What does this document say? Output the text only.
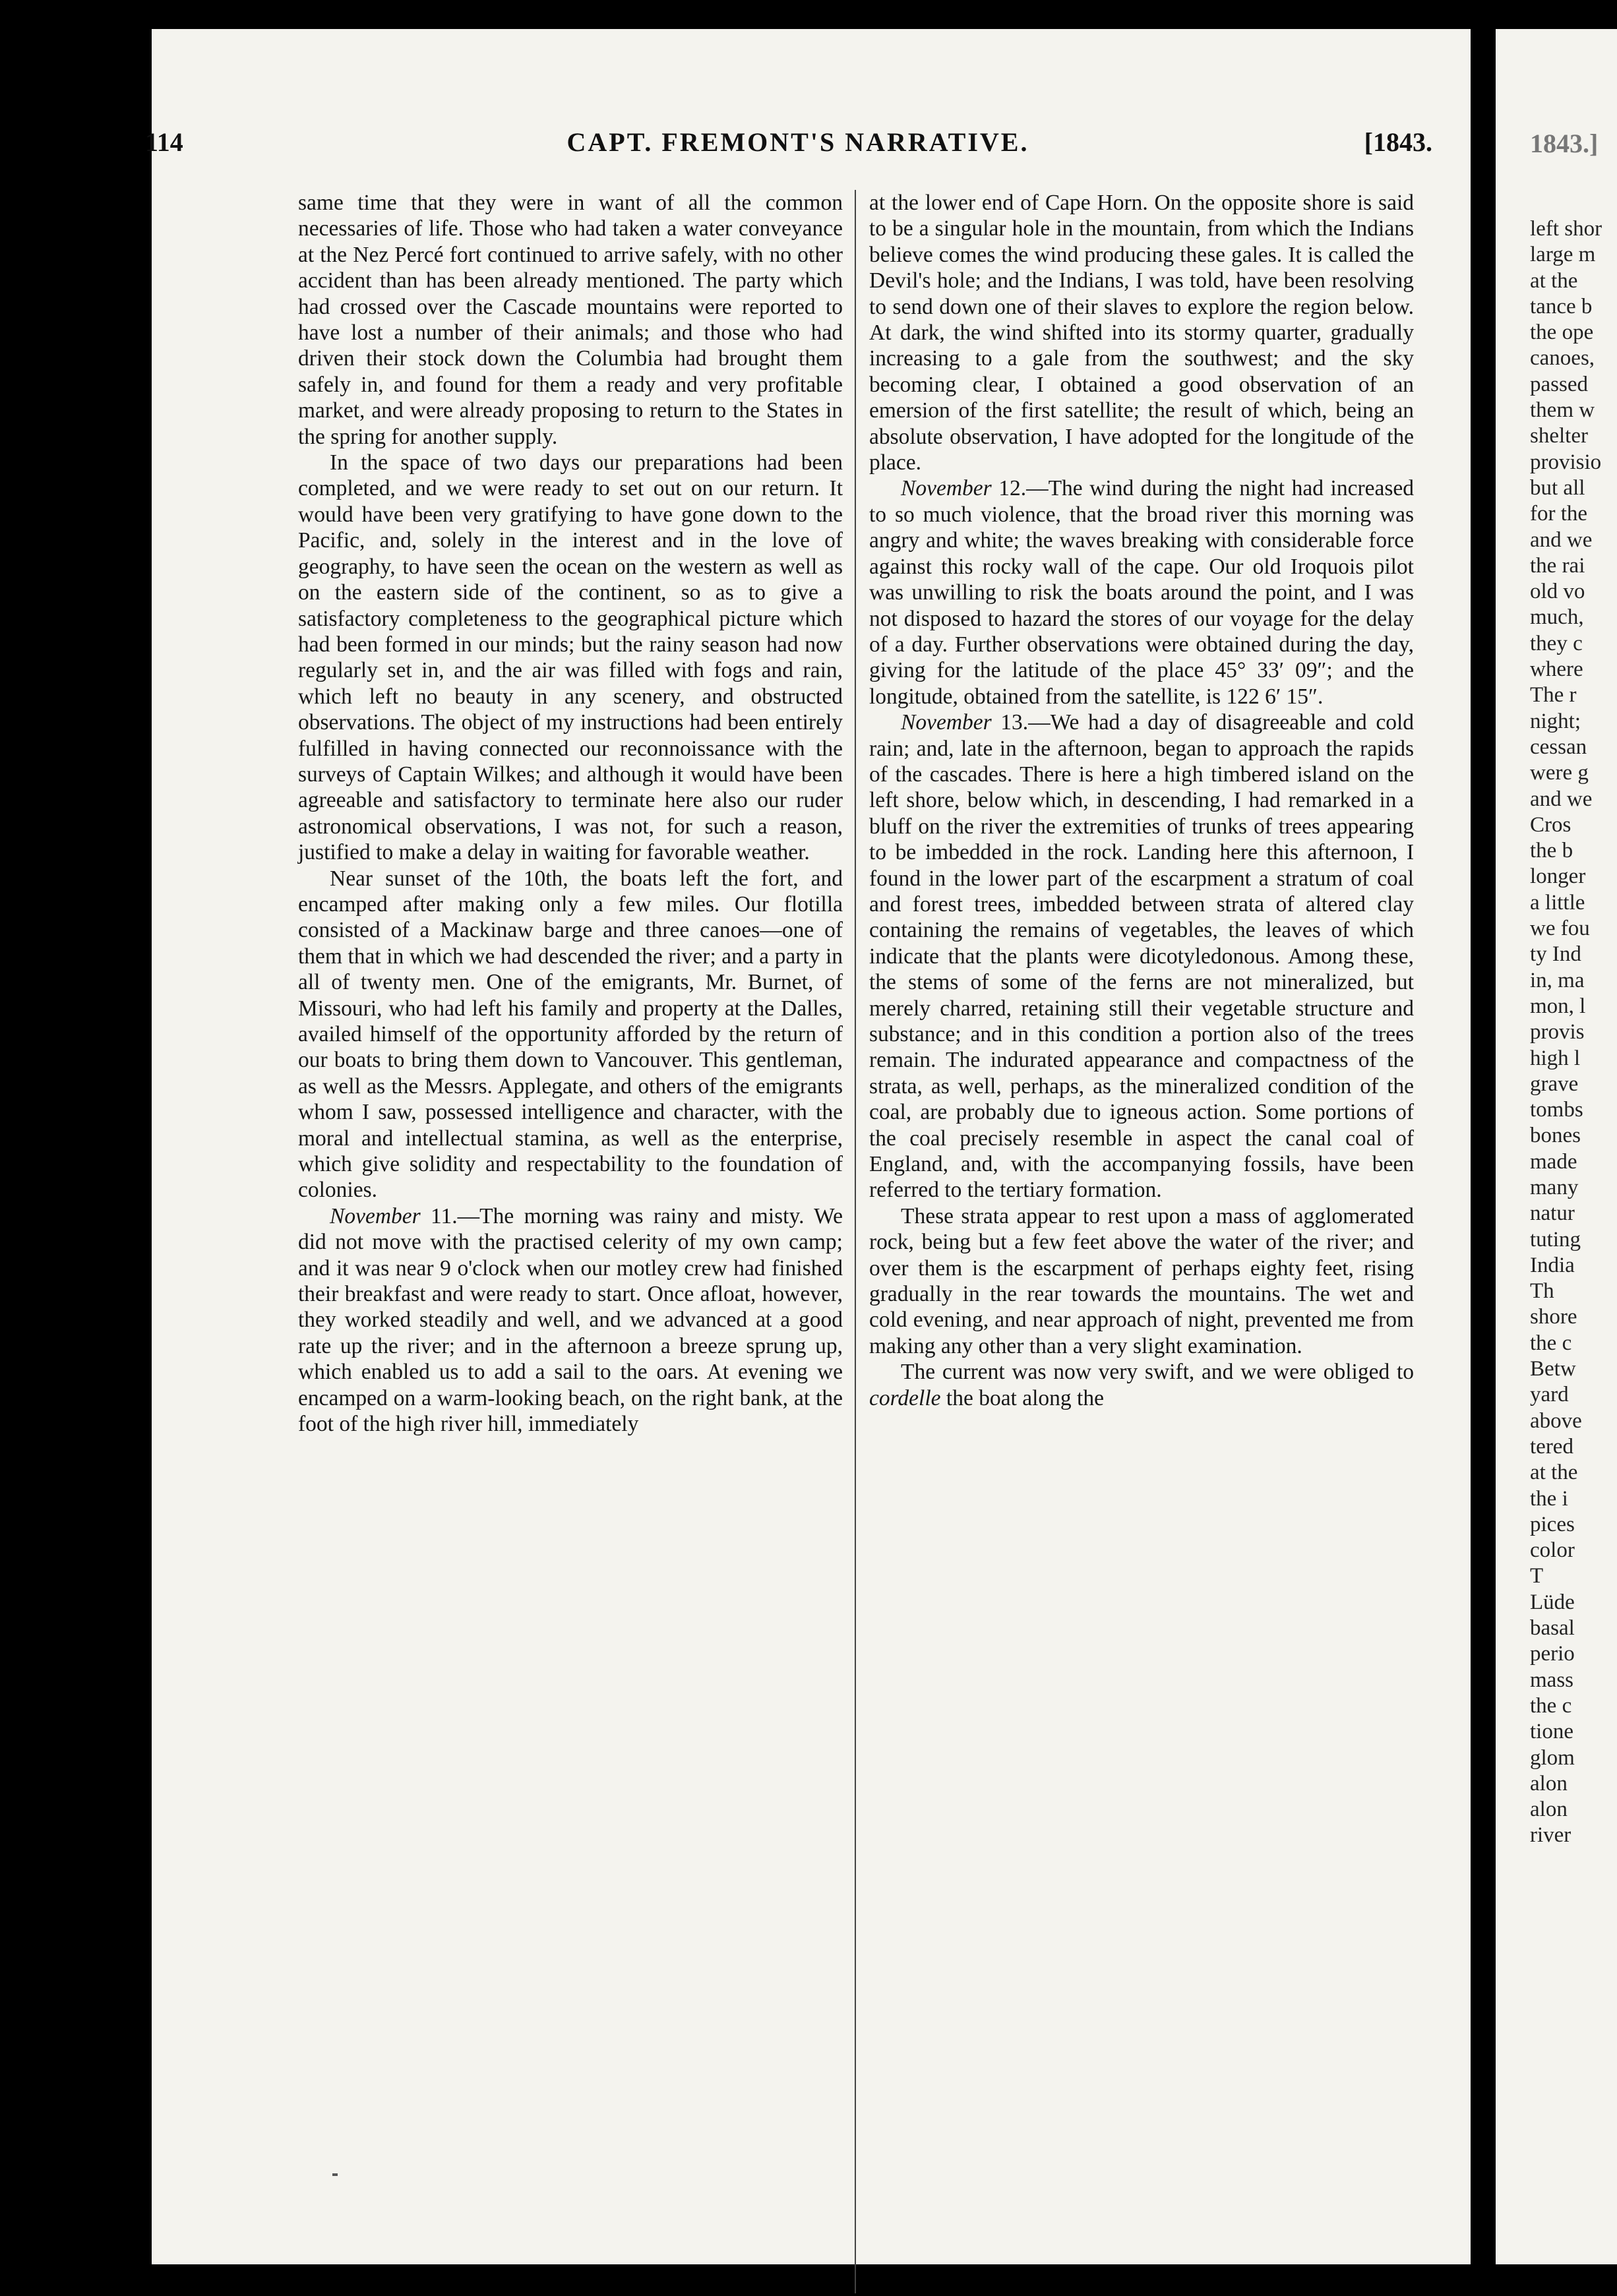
1843.]
left shor
large m
at the
tance b
the ope
canoes,
passed
them w
shelter
provisio
but all
for the
and we
the rai
old vo
much,
they c
where
The r
night;
cessan
were g
and we
Cros
the b
longer
a little
we fou
ty Ind
in, ma
mon, l
provis
high l
grave
tombs
bones
made
many
natur
tuting
India
Th
shore
the c
Betw
yard
above
tered
at the
the i
pices
color
T
Lüde
basal
perio
mass
the c
tione
glom
alon
alon
river
114	CAPT. FREMONT'S NARRATIVE.	[1843.

same time that they were in want of all the common necessaries of life. Those who had taken a water conveyance at the Nez Percé fort continued to arrive safely, with no other accident than has been already mentioned. The party which had crossed over the Cascade mountains were reported to have lost a number of their animals; and those who had driven their stock down the Columbia had brought them safely in, and found for them a ready and very profitable market, and were already proposing to return to the States in the spring for another supply.

In the space of two days our preparations had been completed, and we were ready to set out on our return. It would have been very gratifying to have gone down to the Pacific, and, solely in the interest and in the love of geography, to have seen the ocean on the western as well as on the eastern side of the continent, so as to give a satisfactory completeness to the geographical picture which had been formed in our minds; but the rainy season had now regularly set in, and the air was filled with fogs and rain, which left no beauty in any scenery, and obstructed observations. The object of my instructions had been entirely fulfilled in having connected our reconnoissance with the surveys of Captain Wilkes; and although it would have been agreeable and satisfactory to terminate here also our ruder astronomical observations, I was not, for such a reason, justified to make a delay in waiting for favorable weather.

Near sunset of the 10th, the boats left the fort, and encamped after making only a few miles. Our flotilla consisted of a Mackinaw barge and three canoes—one of them that in which we had descended the river; and a party in all of twenty men. One of the emigrants, Mr. Burnet, of Missouri, who had left his family and property at the Dalles, availed himself of the opportunity afforded by the return of our boats to bring them down to Vancouver. This gentleman, as well as the Messrs. Applegate, and others of the emigrants whom I saw, possessed intelligence and character, with the moral and intellectual stamina, as well as the enterprise, which give solidity and respectability to the foundation of colonies.

November 11.—The morning was rainy and misty. We did not move with the practised celerity of my own camp; and it was near 9 o'clock when our motley crew had finished their breakfast and were ready to start. Once afloat, however, they worked steadily and well, and we advanced at a good rate up the river; and in the afternoon a breeze sprung up, which enabled us to add a sail to the oars. At evening we encamped on a warm-looking beach, on the right bank, at the foot of the high river hill, immediately

at the lower end of Cape Horn. On the opposite shore is said to be a singular hole in the mountain, from which the Indians believe comes the wind producing these gales. It is called the Devil's hole; and the Indians, I was told, have been resolving to send down one of their slaves to explore the region below. At dark, the wind shifted into its stormy quarter, gradually increasing to a gale from the southwest; and the sky becoming clear, I obtained a good observation of an emersion of the first satellite; the result of which, being an absolute observation, I have adopted for the longitude of the place.

November 12.—The wind during the night had increased to so much violence, that the broad river this morning was angry and white; the waves breaking with considerable force against this rocky wall of the cape. Our old Iroquois pilot was unwilling to risk the boats around the point, and I was not disposed to hazard the stores of our voyage for the delay of a day. Further observations were obtained during the day, giving for the latitude of the place 45° 33′ 09″; and the longitude, obtained from the satellite, is 122 6′ 15″.

November 13.—We had a day of disagreeable and cold rain; and, late in the afternoon, began to approach the rapids of the cascades. There is here a high timbered island on the left shore, below which, in descending, I had remarked in a bluff on the river the extremities of trunks of trees appearing to be imbedded in the rock. Landing here this afternoon, I found in the lower part of the escarpment a stratum of coal and forest trees, imbedded between strata of altered clay containing the remains of vegetables, the leaves of which indicate that the plants were dicotyledonous. Among these, the stems of some of the ferns are not mineralized, but merely charred, retaining still their vegetable structure and substance; and in this condition a portion also of the trees remain. The indurated appearance and compactness of the strata, as well, perhaps, as the mineralized condition of the coal, are probably due to igneous action. Some portions of the coal precisely resemble in aspect the canal coal of England, and, with the accompanying fossils, have been referred to the tertiary formation.

These strata appear to rest upon a mass of agglomerated rock, being but a few feet above the water of the river; and over them is the escarpment of perhaps eighty feet, rising gradually in the rear towards the mountains. The wet and cold evening, and near approach of night, prevented me from making any other than a very slight examination.

The current was now very swift, and we were obliged to cordelle the boat along the
